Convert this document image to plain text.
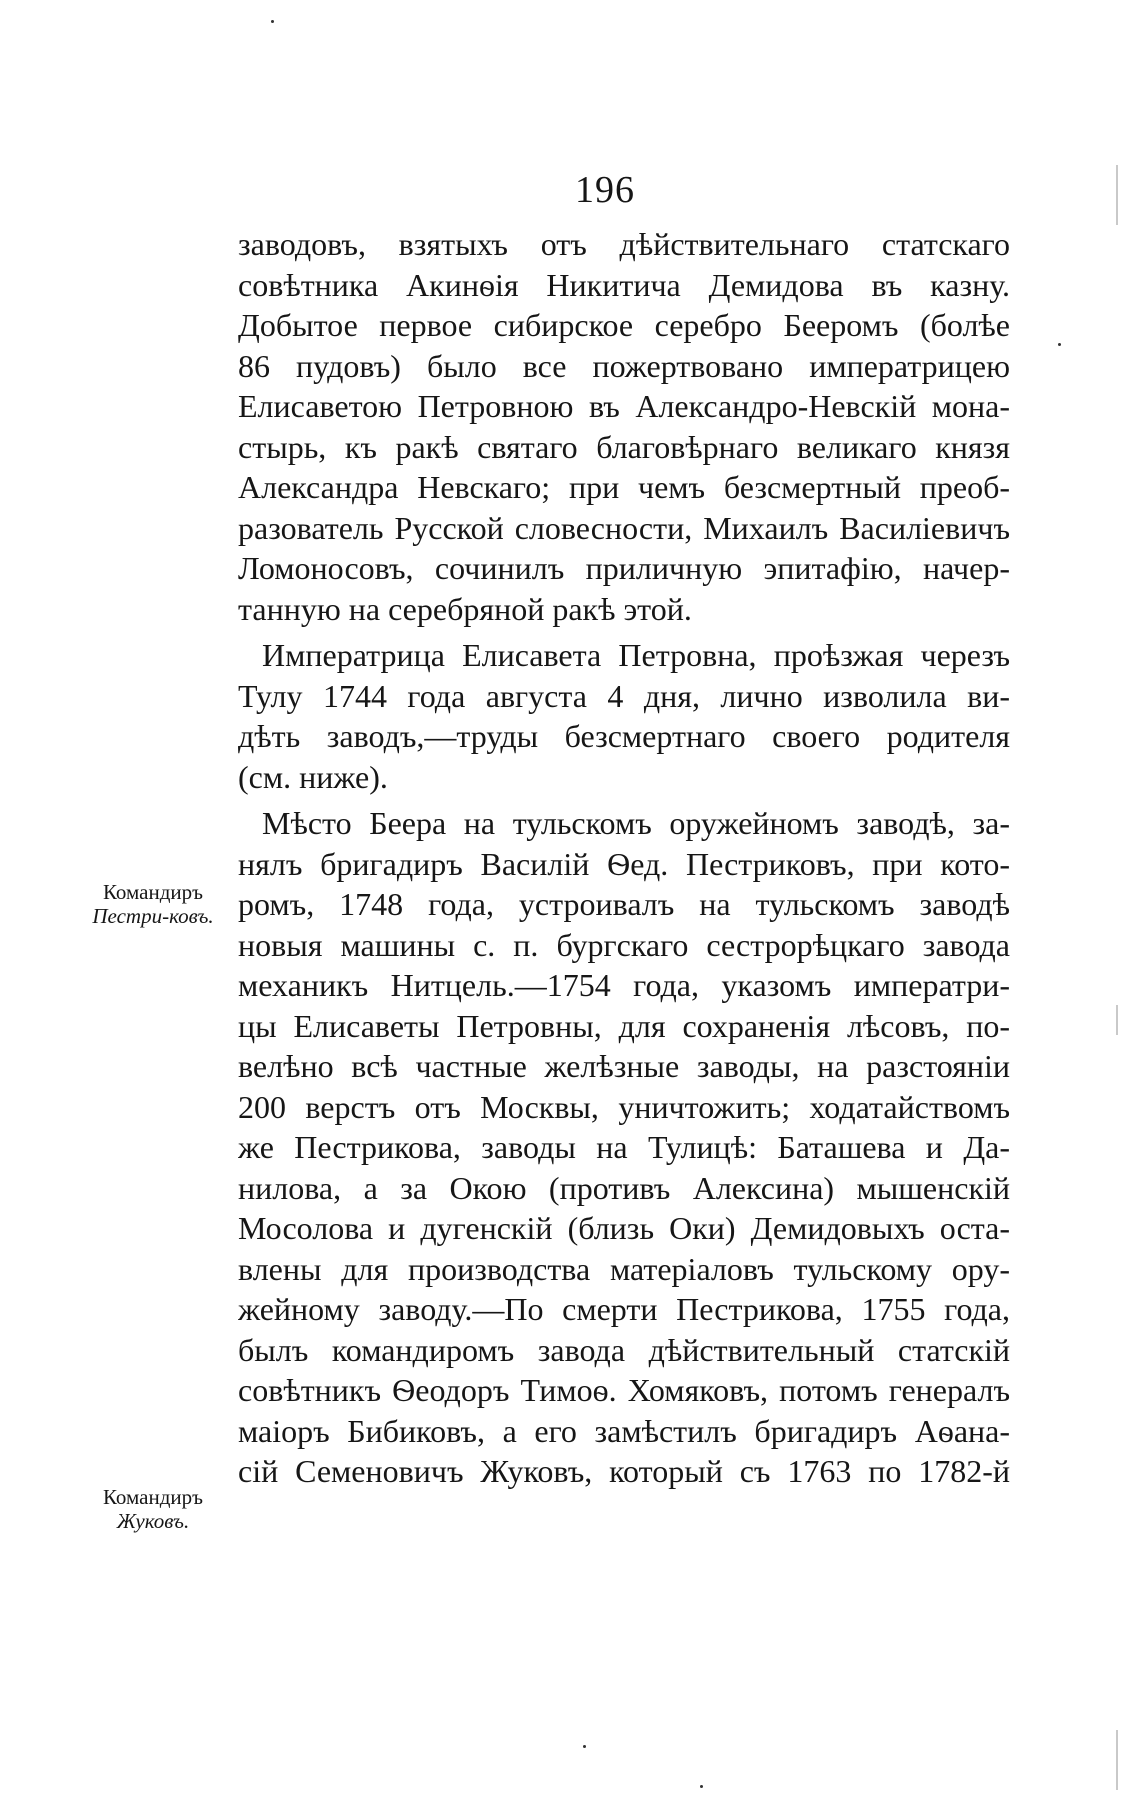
196
Командиръ
Пестри-ковъ.
Командиръ
Жуковъ.
заводовъ, взятыхъ отъ дѣйствительнаго статскаго
совѣтника Акинѳія Никитича Демидова въ казну.
Добытое первое сибирское серебро Бееромъ (болѣе
86 пудовъ) было все пожертвовано императрицею
Елисаветою Петровною въ Александро-Невскій мона-
стырь, къ ракѣ святаго благовѣрнаго великаго князя
Александра Невскаго; при чемъ безсмертный преоб-
разователь Русской словесности, Михаилъ Василіевичъ
Ломоносовъ, сочинилъ приличную эпитафію, начер-
танную на серебряной ракѣ этой.
Императрица Елисавета Петровна, проѣзжая черезъ
Тулу 1744 года августа 4 дня, лично изволила ви-
дѣть заводъ,—труды безсмертнаго своего родителя
(см. ниже).
Мѣсто Беера на тульскомъ оружейномъ заводѣ, за-
нялъ бригадиръ Василій Ѳед. Пестриковъ, при кото-
ромъ, 1748 года, устроивалъ на тульскомъ заводѣ
новыя машины с. п. бургскаго сестрорѣцкаго завода
механикъ Нитцель.—1754 года, указомъ императри-
цы Елисаветы Петровны, для сохраненія лѣсовъ, по-
велѣно всѣ частные желѣзные заводы, на разстояніи
200 верстъ отъ Москвы, уничтожить; ходатайствомъ
же Пестрикова, заводы на Тулицѣ: Баташева и Да-
нилова, а за Окою (противъ Алексина) мышенскій
Мосолова и дугенскій (близь Оки) Демидовыхъ оста-
влены для производства матеріаловъ тульскому ору-
жейному заводу.—По смерти Пестрикова, 1755 года,
былъ командиромъ завода дѣйствительный статскій
совѣтникъ Ѳеодоръ Тимоѳ. Хомяковъ, потомъ генералъ
маіоръ Бибиковъ, а его замѣстилъ бригадиръ Аѳана-
сій Семеновичъ Жуковъ, который съ 1763 по 1782-й
